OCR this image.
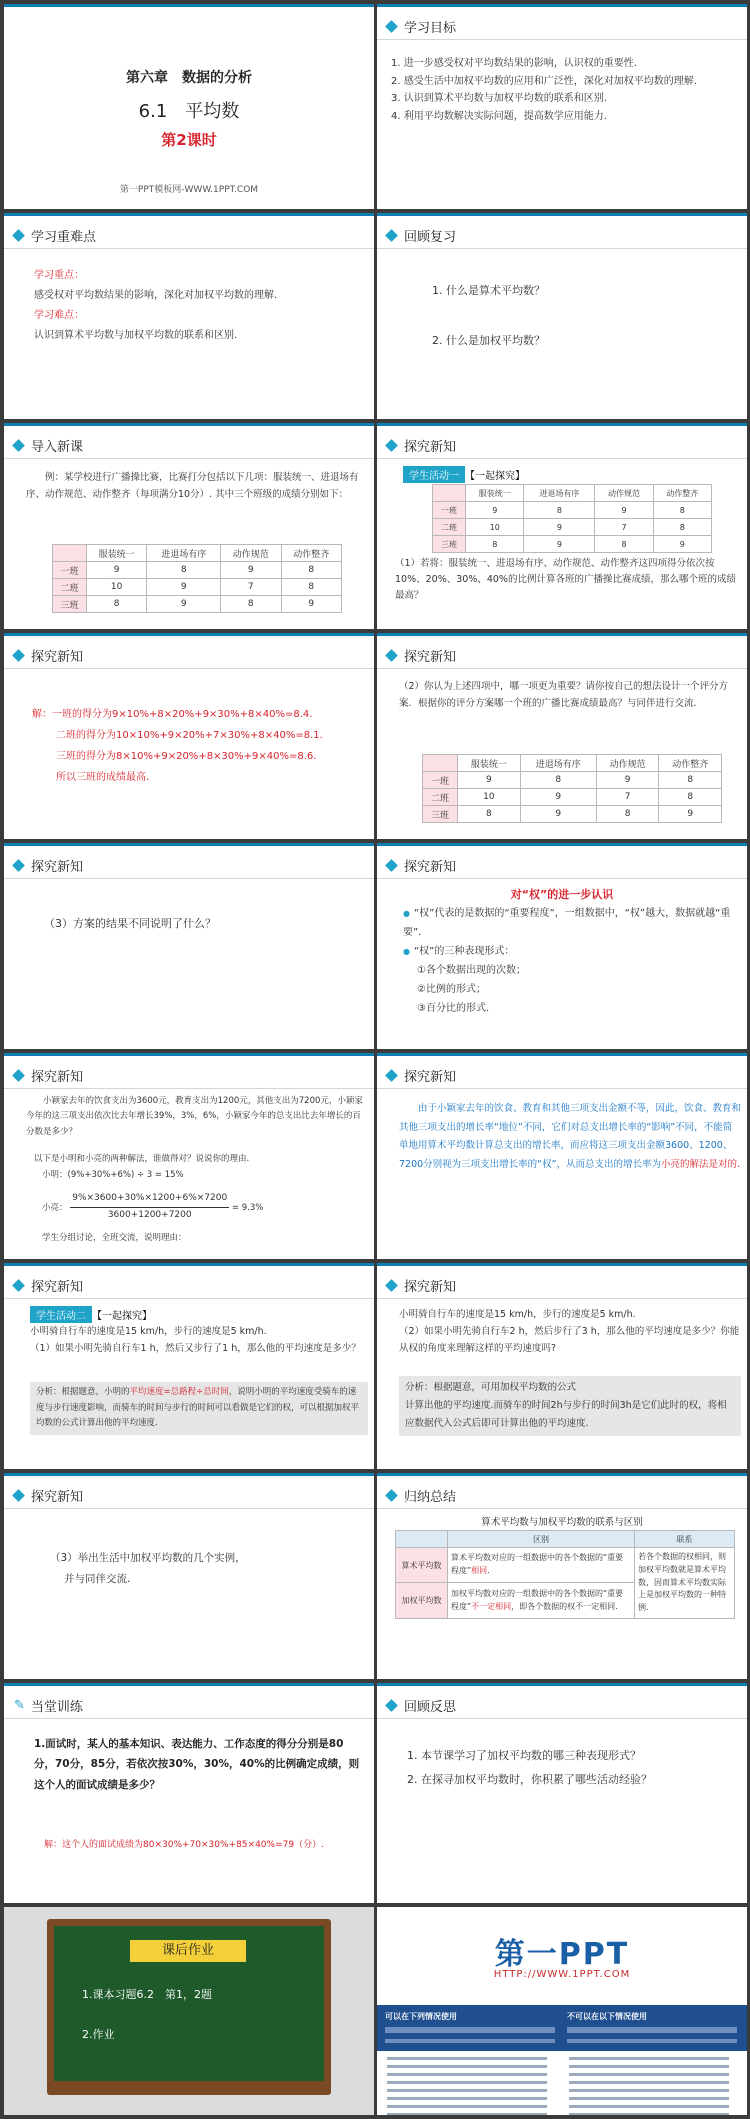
第六章　数据的分析
6.1　平均数
第2课时
第一PPT模板网-WWW.1PPT.COM
学习目标
1. 进一步感受权对平均数结果的影响，认识权的重要性.
2. 感受生活中加权平均数的应用和广泛性，深化对加权平均数的理解.
3. 认识到算术平均数与加权平均数的联系和区别.
4. 利用平均数解决实际问题，提高数学应用能力.
学习重难点
学习重点：
感受权对平均数结果的影响，深化对加权平均数的理解.
学习难点：
认识到算术平均数与加权平均数的联系和区别.
回顾复习
1. 什么是算术平均数？
2. 什么是加权平均数？
导入新课
例：某学校进行广播操比赛，比赛打分包括以下几项：服装统一、进退场有序、动作规范、动作整齐（每项满分10分）. 其中三个班级的成绩分别如下：
	服装统一	进退场有序	动作规范	动作整齐
一班	9	8	9	8
二班	10	9	7	8
三班	8	9	8	9
探究新知
学生活动一 【一起探究】
	服装统一	进退场有序	动作规范	动作整齐
一班	9	8	9	8
二班	10	9	7	8
三班	8	9	8	9
（1）若将：服装统一、进退场有序、动作规范、动作整齐这四项得分依次按10%、20%、30%、40%的比例计算各班的广播操比赛成绩，那么哪个班的成绩最高？
探究新知
解：一班的得分为9×10%+8×20%+9×30%+8×40%=8.4.
二班的得分为10×10%+9×20%+7×30%+8×40%=8.1.
三班的得分为8×10%+9×20%+8×30%+9×40%=8.6.
所以三班的成绩最高.
探究新知
（2）你认为上述四项中，哪一项更为重要？请你按自己的想法设计一个评分方案．根据你的评分方案哪一个班的广播比赛成绩最高？与同伴进行交流.
	服装统一	进退场有序	动作规范	动作整齐
一班	9	8	9	8
二班	10	9	7	8
三班	8	9	8	9
探究新知
（3）方案的结果不同说明了什么？
探究新知
对“权”的进一步认识
● “权”代表的是数据的“重要程度”，一组数据中，“权”越大，数据就越“重要”.
● “权”的三种表现形式：
①各个数据出现的次数；
②比例的形式；
③百分比的形式.
探究新知
小颖家去年的饮食支出为3600元，教育支出为1200元，其他支出为7200元，小颖家今年的这三项支出依次比去年增长39%，3%，6%，小颖家今年的总支出比去年增长的百分数是多少？
以下是小明和小亮的两种解法，谁做得对？说说你的理由.
小明：(9%+30%+6%) ÷ 3 = 15%
小亮： $\frac{9\%\times 3600+30\%\times 1200+6\%\times 7200}{3600+1200+7200} = 9.3\%$
学生分组讨论，全班交流，说明理由：
探究新知
由于小颖家去年的饮食、教育和其他三项支出金额不等，因此，饮食、教育和其他三项支出的增长率“地位”不同，它们对总支出增长率的“影响”不同，不能简单地用算术平均数计算总支出的增长率，而应将这三项支出金额3600、1200、7200分别视为三项支出增长率的“权”，从而总支出的增长率为小亮的解法是对的.
探究新知
学生活动二 【一起探究】
小明骑自行车的速度是15 km/h，步行的速度是5 km/h.
（1）如果小明先骑自行车1 h，然后又步行了1 h，那么他的平均速度是多少？
分析：根据题意，小明的平均速度=总路程÷总时间，说明小明的平均速度受骑车的速度与步行速度影响，而骑车的时间与步行的时间可以看做是它们的权，可以根据加权平均数的公式计算出他的平均速度.
探究新知
小明骑自行车的速度是15 km/h，步行的速度是5 km/h.
（2）如果小明先骑自行车2 h，然后步行了3 h，那么他的平均速度是多少？你能从权的角度来理解这样的平均速度吗?
分析：根据题意，可用加权平均数的公式
计算出他的平均速度.而骑车的时间2h与步行的时间3h是它们此时的权，将相应数据代入公式后即可计算出他的平均速度.
探究新知
（3）举出生活中加权平均数的几个实例，
并与同伴交流.
归纳总结
算术平均数与加权平均数的联系与区别
	区别	联系
算术平均数	算术平均数对应的一组数据中的各个数据的“重要程度”相同.	若各个数据的权相同，则加权平均数就是算术平均数，因而算术平均数实际上是加权平均数的一种特例.
加权平均数	加权平均数对应的一组数据中的各个数据的“重要程度”不一定相同，即各个数据的权不一定相同.	
✎ 当堂训练
1.面试时，某人的基本知识、表达能力、工作态度的得分分别是80分，70分，85分，若依次按30%，30%，40%的比例确定成绩，则这个人的面试成绩是多少？
解：这个人的面试成绩为80×30%+70×30%+85×40%=79（分）.
回顾反思
1. 本节课学习了加权平均数的哪三种表现形式？
2. 在探寻加权平均数时，你积累了哪些活动经验？
课后作业
1.课本习题6.2　第1，2题
2.作业
第一PPT
HTTP://WWW.1PPT.COM
可以在下列情况使用	不可以在以下情况使用
